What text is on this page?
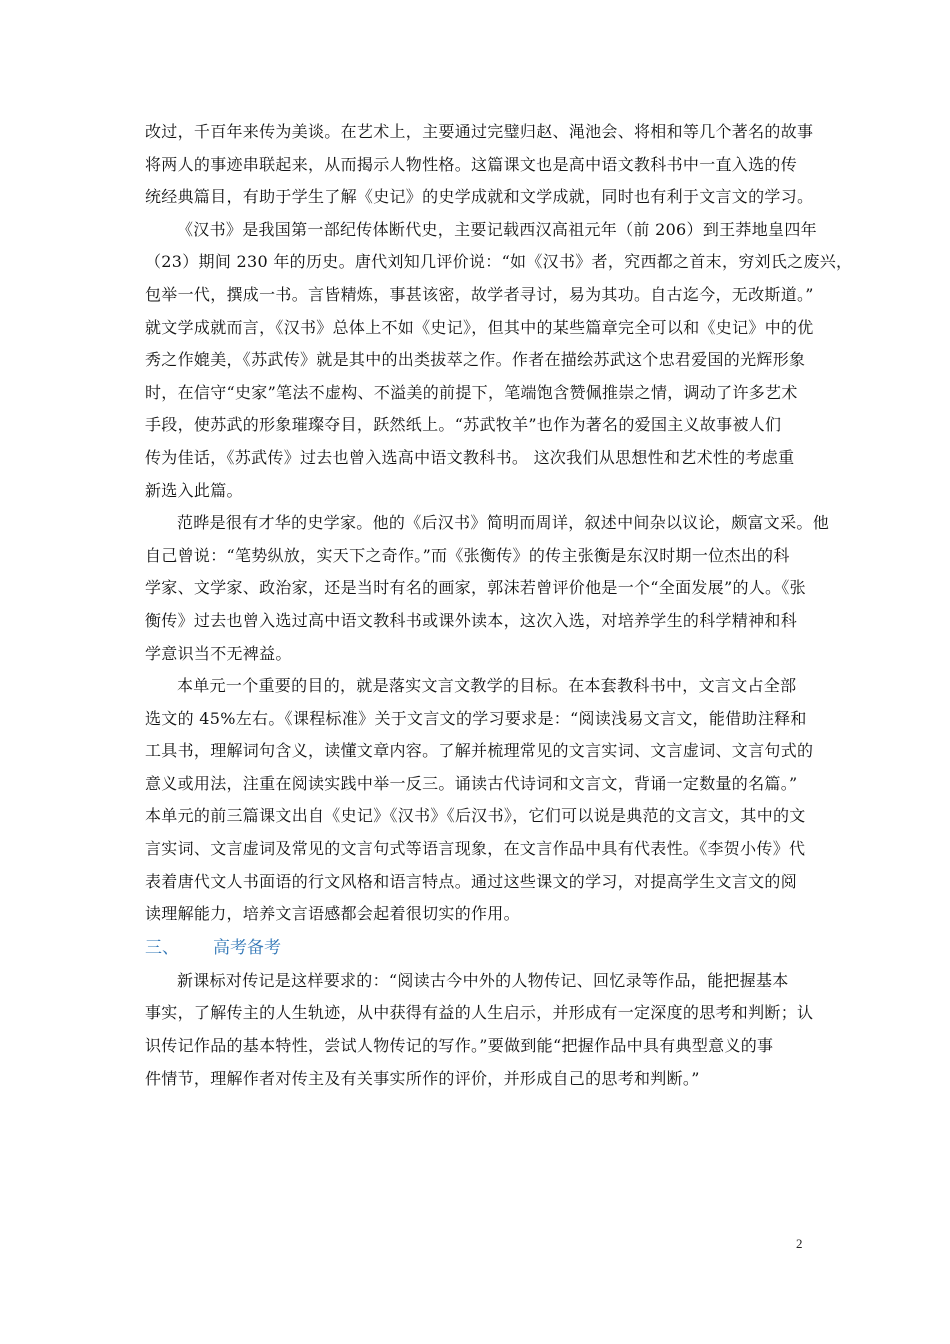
改过，千百年来传为美谈。在艺术上，主要通过完璧归赵、渑池会、将相和等几个著名的故事
将两人的事迹串联起来，从而揭示人物性格。这篇课文也是高中语文教科书中一直入选的传
统经典篇目，有助于学生了解《史记》的史学成就和文学成就，同时也有利于文言文的学习。
《汉书》是我国第一部纪传体断代史，主要记载西汉高祖元年（前 206）到王莽地皇四年
（23）期间 230 年的历史。唐代刘知几评价说：“如《汉书》者，究西都之首末，穷刘氏之废兴，
包举一代，撰成一书。言皆精炼，事甚该密，故学者寻讨，易为其功。自古迄今，无改斯道。”
就文学成就而言，《汉书》总体上不如《史记》，但其中的某些篇章完全可以和《史记》中的优
秀之作媲美，《苏武传》就是其中的出类拔萃之作。作者在描绘苏武这个忠君爱国的光辉形象
时，在信守“史家”笔法不虚构、不溢美的前提下，笔端饱含赞佩推崇之情，调动了许多艺术
手段，使苏武的形象璀璨夺目，跃然纸上。“苏武牧羊”也作为著名的爱国主义故事被人们
传为佳话，《苏武传》过去也曾入选高中语文教科书。 这次我们从思想性和艺术性的考虑重
新选入此篇。
范晔是很有才华的史学家。他的《后汉书》简明而周详，叙述中间杂以议论，颇富文采。他
自己曾说：“笔势纵放，实天下之奇作。”而《张衡传》的传主张衡是东汉时期一位杰出的科
学家、文学家、政治家，还是当时有名的画家，郭沫若曾评价他是一个“全面发展”的人。《张
衡传》过去也曾入选过高中语文教科书或课外读本，这次入选，对培养学生的科学精神和科
学意识当不无裨益。
本单元一个重要的目的，就是落实文言文教学的目标。在本套教科书中，文言文占全部
选文的 45%左右。《课程标准》关于文言文的学习要求是：“阅读浅易文言文，能借助注释和
工具书，理解词句含义，读懂文章内容。了解并梳理常见的文言实词、文言虚词、文言句式的
意义或用法，注重在阅读实践中举一反三。诵读古代诗词和文言文，背诵一定数量的名篇。”
本单元的前三篇课文出自《史记》《汉书》《后汉书》，它们可以说是典范的文言文，其中的文
言实词、文言虚词及常见的文言句式等语言现象，在文言作品中具有代表性。《李贺小传》代
表着唐代文人书面语的行文风格和语言特点。通过这些课文的学习，对提高学生文言文的阅
读理解能力，培养文言语感都会起着很切实的作用。
三、 高考备考
新课标对传记是这样要求的：“阅读古今中外的人物传记、回忆录等作品，能把握基本
事实，了解传主的人生轨迹，从中获得有益的人生启示，并形成有一定深度的思考和判断；认
识传记作品的基本特性，尝试人物传记的写作。”要做到能“把握作品中具有典型意义的事
件情节，理解作者对传主及有关事实所作的评价，并形成自己的思考和判断。”
2
